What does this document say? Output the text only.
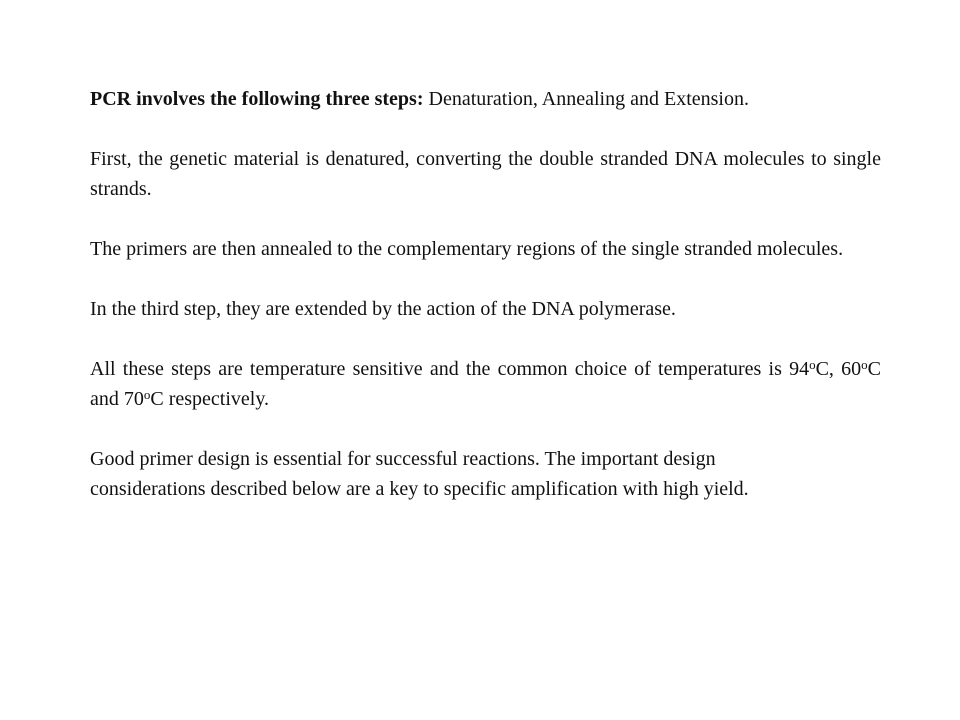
PCR involves the following three steps: Denaturation, Annealing and Extension.

First, the genetic material is denatured, converting the double stranded DNA molecules to single strands.

The primers are then annealed to the complementary regions of the single stranded molecules.

In the third step, they are extended by the action of the DNA polymerase.

All these steps are temperature sensitive and the common choice of temperatures is 94$^o$C, 60$^o$C and 70$^o$C respectively.

Good primer design is essential for successful reactions. The important design
considerations described below are a key to specific amplification with high yield.
